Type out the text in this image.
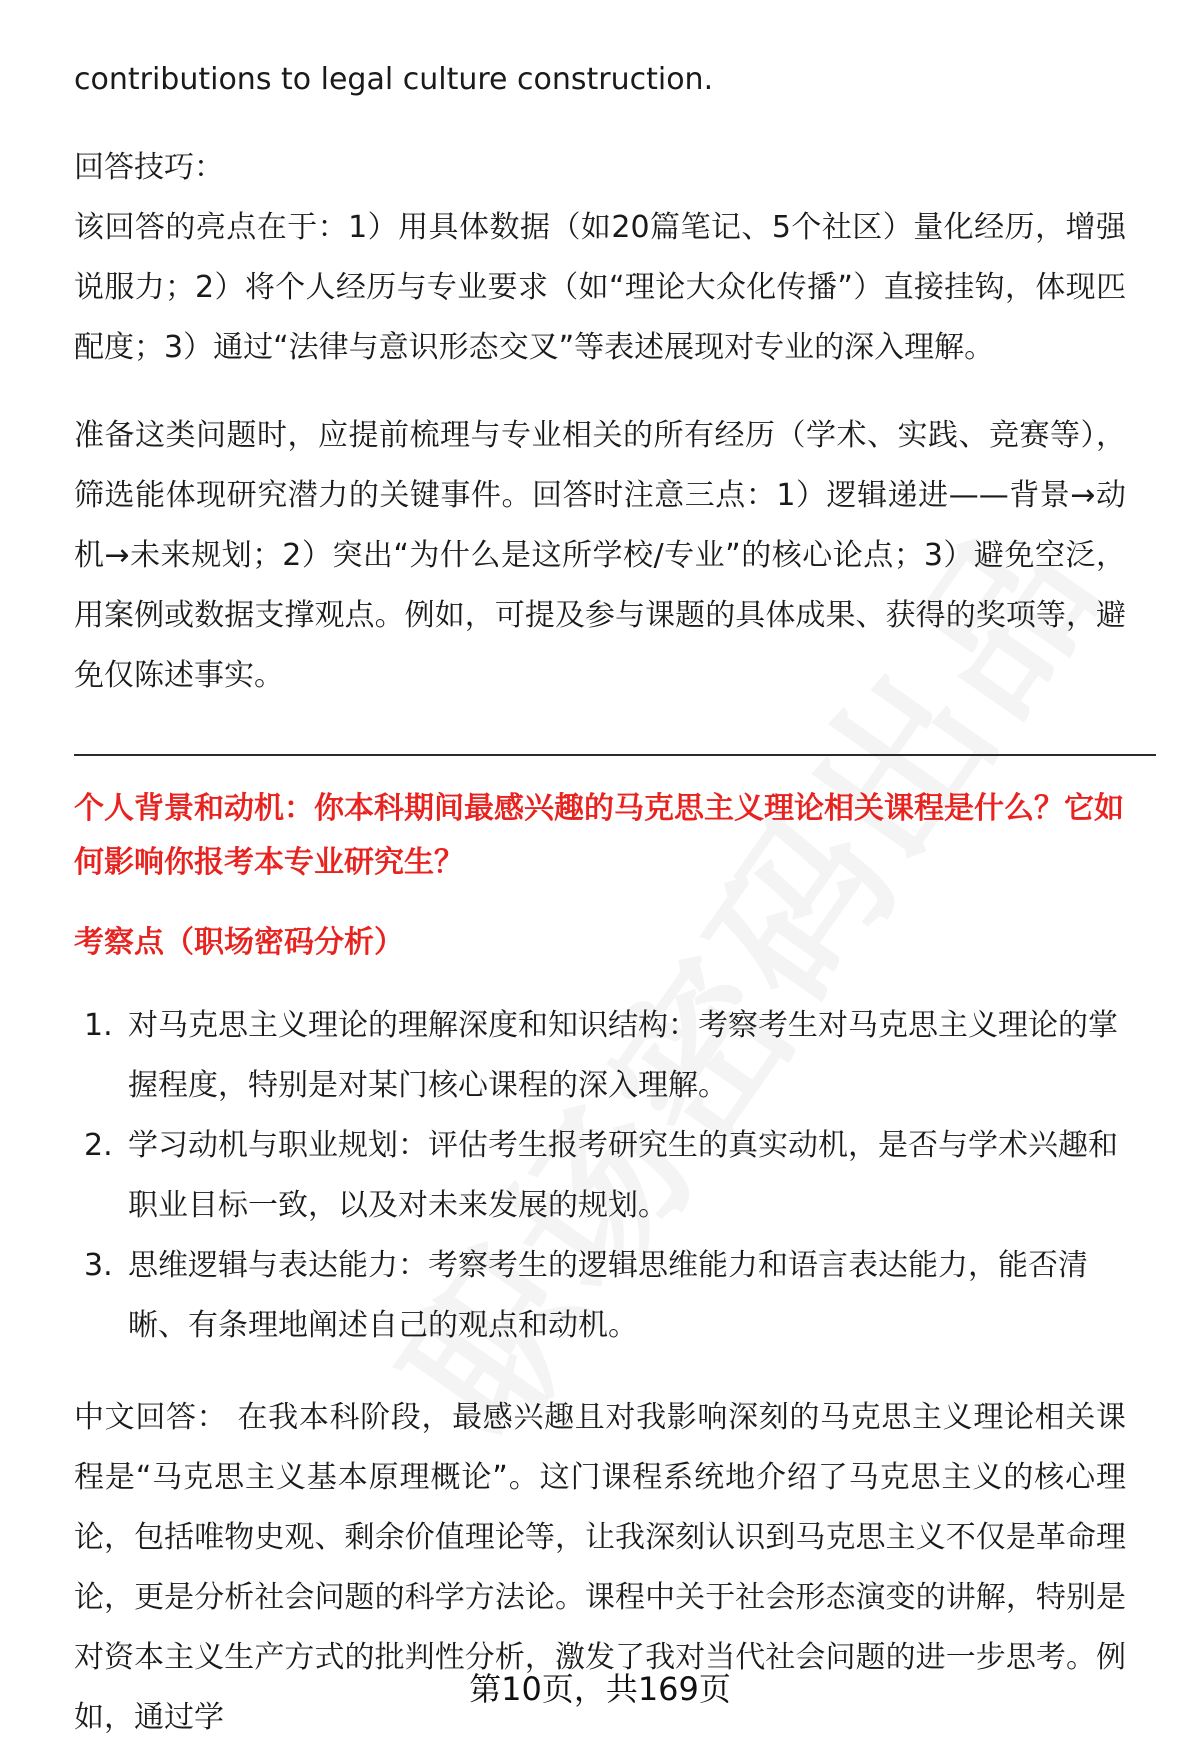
contributions to legal culture construction.

回答技巧：

该回答的亮点在于：1）用具体数据（如20篇笔记、5个社区）量化经历，增强说服力；2）将个人经历与专业要求（如“理论大众化传播”）直接挂钩，体现匹配度；3）通过“法律与意识形态交叉”等表述展现对专业的深入理解。

准备这类问题时，应提前梳理与专业相关的所有经历（学术、实践、竞赛等），筛选能体现研究潜力的关键事件。回答时注意三点：1）逻辑递进——背景→动机→未来规划；2）突出“为什么是这所学校/专业”的核心论点；3）避免空泛，用案例或数据支撑观点。例如，可提及参与课题的具体成果、获得的奖项等，避免仅陈述事实。

个人背景和动机：你本科期间最感兴趣的马克思主义理论相关课程是什么？它如何影响你报考本专业研究生？

考察点（职场密码分析）

1. 对马克思主义理论的理解深度和知识结构：考察考生对马克思主义理论的掌握程度，特别是对某门核心课程的深入理解。
2. 学习动机与职业规划：评估考生报考研究生的真实动机，是否与学术兴趣和职业目标一致，以及对未来发展的规划。
3. 思维逻辑与表达能力：考察考生的逻辑思维能力和语言表达能力，能否清晰、有条理地阐述自己的观点和动机。

中文回答： 在我本科阶段，最感兴趣且对我影响深刻的马克思主义理论相关课程是“马克思主义基本原理概论”。这门课程系统地介绍了马克思主义的核心理论，包括唯物史观、剩余价值理论等，让我深刻认识到马克思主义不仅是革命理论，更是分析社会问题的科学方法论。课程中关于社会形态演变的讲解，特别是对资本主义生产方式的批判性分析，激发了我对当代社会问题的进一步思考。例如，通过学

第10页，共169页
